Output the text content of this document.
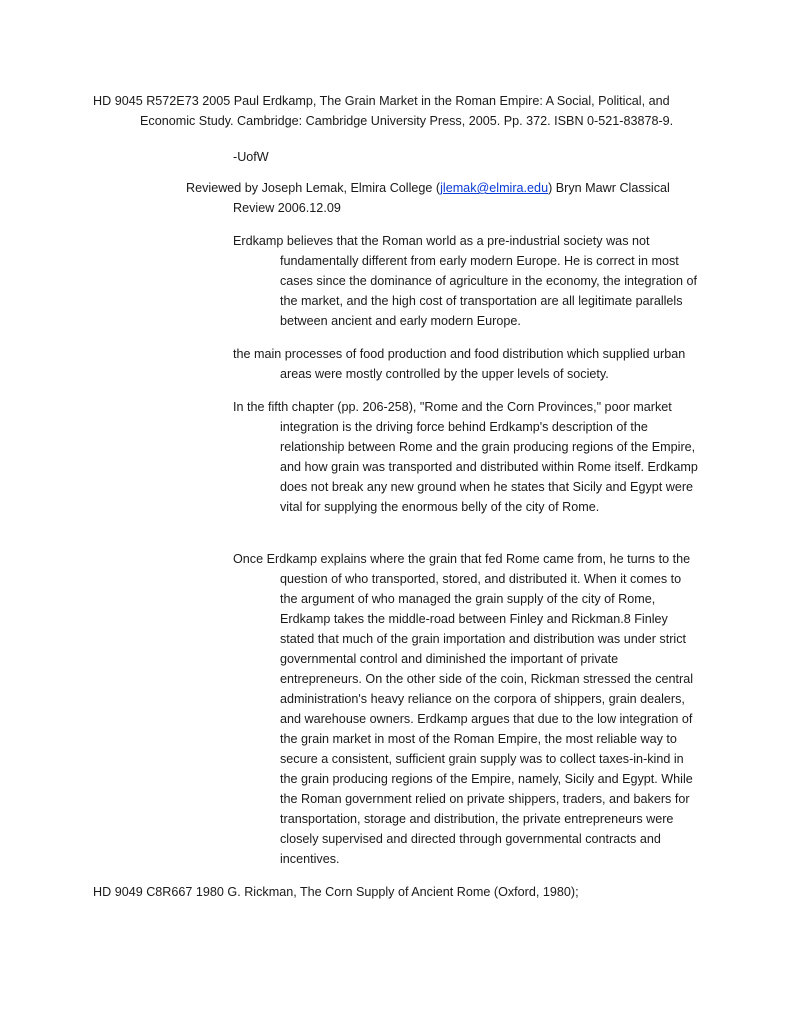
HD 9045 R572E73 2005 Paul Erdkamp, The Grain Market in the Roman Empire: A Social, Political, and Economic Study. Cambridge: Cambridge University Press, 2005. Pp. 372. ISBN 0-521-83878-9.

-UofW

Reviewed by Joseph Lemak, Elmira College (jlemak@elmira.edu) Bryn Mawr Classical Review 2006.12.09

Erdkamp believes that the Roman world as a pre-industrial society was not fundamentally different from early modern Europe. He is correct in most cases since the dominance of agriculture in the economy, the integration of the market, and the high cost of transportation are all legitimate parallels between ancient and early modern Europe.

the main processes of food production and food distribution which supplied urban areas were mostly controlled by the upper levels of society.

In the fifth chapter (pp. 206-258), "Rome and the Corn Provinces," poor market integration is the driving force behind Erdkamp's description of the relationship between Rome and the grain producing regions of the Empire, and how grain was transported and distributed within Rome itself. Erdkamp does not break any new ground when he states that Sicily and Egypt were vital for supplying the enormous belly of the city of Rome.

Once Erdkamp explains where the grain that fed Rome came from, he turns to the question of who transported, stored, and distributed it. When it comes to the argument of who managed the grain supply of the city of Rome, Erdkamp takes the middle-road between Finley and Rickman.8 Finley stated that much of the grain importation and distribution was under strict governmental control and diminished the important of private entrepreneurs. On the other side of the coin, Rickman stressed the central administration's heavy reliance on the corpora of shippers, grain dealers, and warehouse owners. Erdkamp argues that due to the low integration of the grain market in most of the Roman Empire, the most reliable way to secure a consistent, sufficient grain supply was to collect taxes-in-kind in the grain producing regions of the Empire, namely, Sicily and Egypt. While the Roman government relied on private shippers, traders, and bakers for transportation, storage and distribution, the private entrepreneurs were closely supervised and directed through governmental contracts and incentives.

HD 9049 C8R667 1980 G. Rickman, The Corn Supply of Ancient Rome (Oxford, 1980);
